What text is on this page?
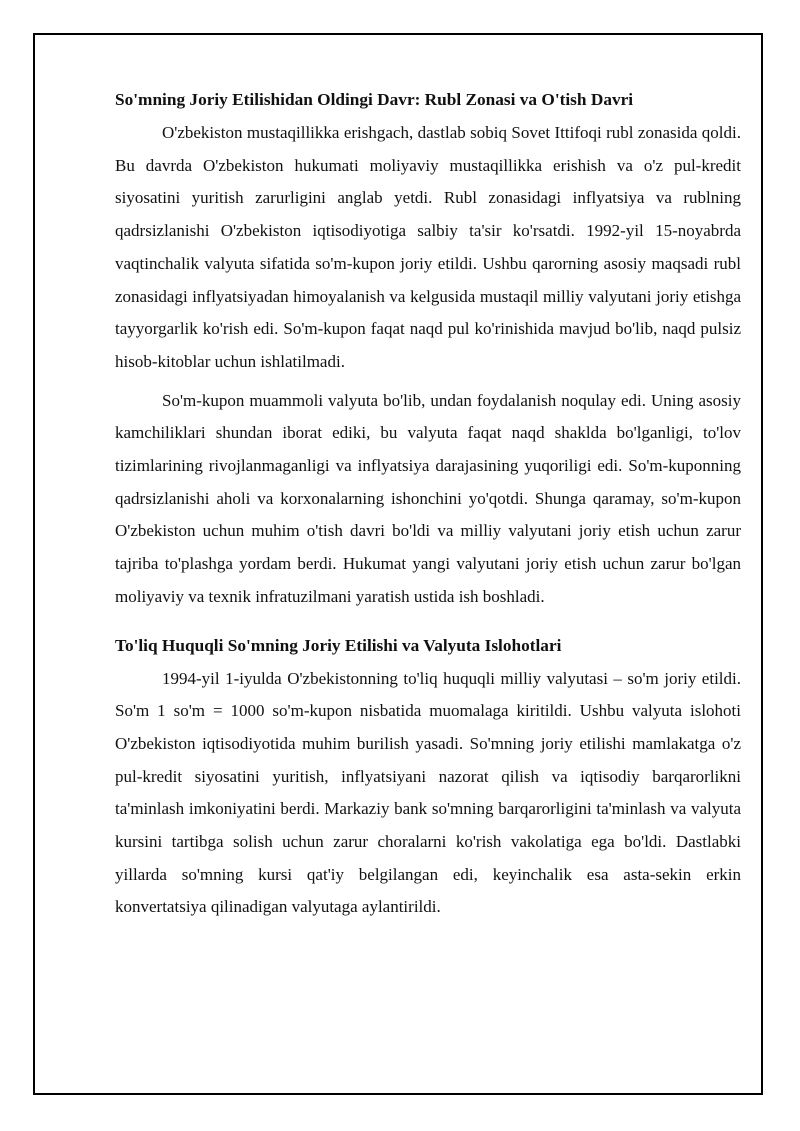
So'mning Joriy Etilishidan Oldingi Davr: Rubl Zonasi va O'tish Davri

O'zbekiston mustaqillikka erishgach, dastlab sobiq Sovet Ittifoqi rubl zonasida qoldi. Bu davrda O'zbekiston hukumati moliyaviy mustaqillikka erishish va o'z pul-kredit siyosatini yuritish zarurligini anglab yetdi. Rubl zonasidagi inflyatsiya va rublning qadrsizlanishi O'zbekiston iqtisodiyotiga salbiy ta'sir ko'rsatdi. 1992-yil 15-noyabrda vaqtinchalik valyuta sifatida so'm-kupon joriy etildi. Ushbu qarorning asosiy maqsadi rubl zonasidagi inflyatsiyadan himoyalanish va kelgusida mustaqil milliy valyutani joriy etishga tayyorgarlik ko'rish edi. So'm-kupon faqat naqd pul ko'rinishida mavjud bo'lib, naqd pulsiz hisob-kitoblar uchun ishlatilmadi.

So'm-kupon muammoli valyuta bo'lib, undan foydalanish noqulay edi. Uning asosiy kamchiliklari shundan iborat ediki, bu valyuta faqat naqd shaklda bo'lganligi, to'lov tizimlarining rivojlanmaganligi va inflyatsiya darajasining yuqoriligi edi. So'm-kuponning qadrsizlanishi aholi va korxonalarning ishonchini yo'qotdi. Shunga qaramay, so'm-kupon O'zbekiston uchun muhim o'tish davri bo'ldi va milliy valyutani joriy etish uchun zarur tajriba to'plashga yordam berdi. Hukumat yangi valyutani joriy etish uchun zarur bo'lgan moliyaviy va texnik infratuzilmani yaratish ustida ish boshladi.

To'liq Huquqli So'mning Joriy Etilishi va Valyuta Islohotlari

1994-yil 1-iyulda O'zbekistonning to'liq huquqli milliy valyutasi – so'm joriy etildi. So'm 1 so'm = 1000 so'm-kupon nisbatida muomalaga kiritildi. Ushbu valyuta islohoti O'zbekiston iqtisodiyotida muhim burilish yasadi. So'mning joriy etilishi mamlakatga o'z pul-kredit siyosatini yuritish, inflyatsiyani nazorat qilish va iqtisodiy barqarorlikni ta'minlash imkoniyatini berdi. Markaziy bank so'mning barqarorligini ta'minlash va valyuta kursini tartibga solish uchun zarur choralarni ko'rish vakolatiga ega bo'ldi. Dastlabki yillarda so'mning kursi qat'iy belgilangan edi, keyinchalik esa asta-sekin erkin konvertatsiya qilinadigan valyutaga aylantirildi.
